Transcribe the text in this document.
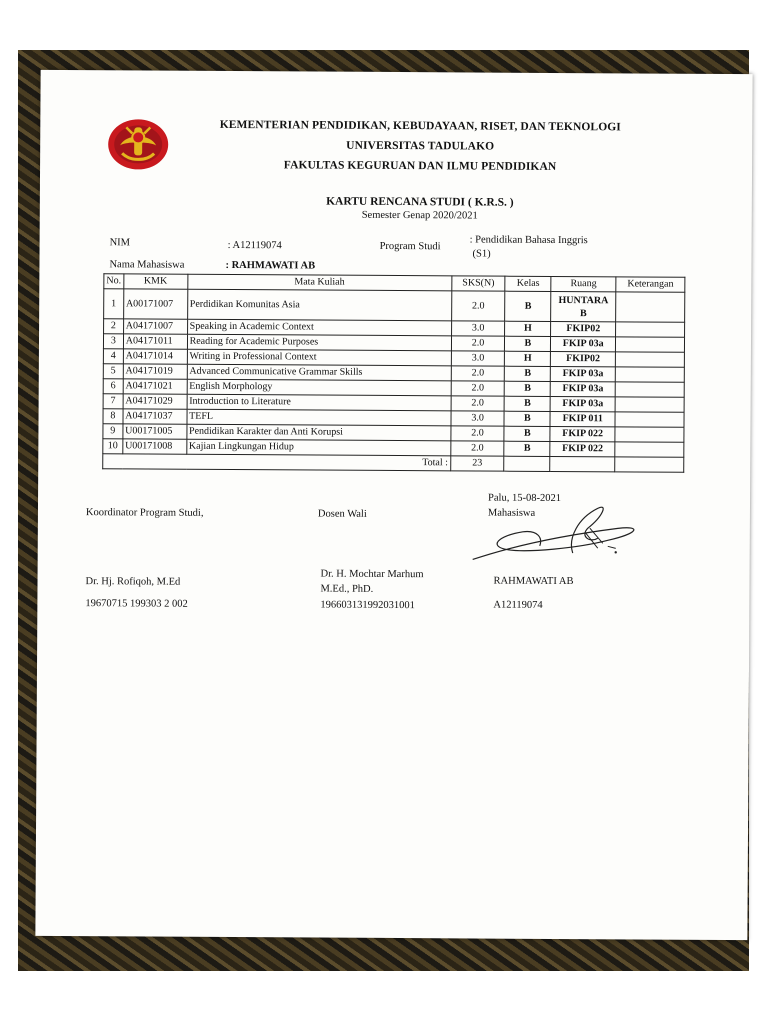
KEMENTERIAN PENDIDIKAN, KEBUDAYAAN, RISET, DAN TEKNOLOGI
UNIVERSITAS TADULAKO
FAKULTAS KEGURUAN DAN ILMU PENDIDIKAN
KARTU RENCANA STUDI ( K.R.S. )
Semester Genap 2020/2021
NIM	: A12119074	Program Studi
: Pendidikan Bahasa Inggris
(S1)
Nama Mahasiswa	: RAHMAWATI AB
No.	KMK	Mata Kuliah	SKS(N)	Kelas	Ruang	Keterangan
1	A00171007	Perdidikan Komunitas Asia	2.0	B	HUNTARA
B	

2	A04171007	Speaking in Academic Context	3.0	H	FKIP02	
3	A04171011	Reading for Academic Purposes	2.0	B	FKIP 03a	
4	A04171014	Writing in Professional Context	3.0	H	FKIP02	
5	A04171019	Advanced Communicative Grammar Skills	2.0	B	FKIP 03a	
6	A04171021	English Morphology	2.0	B	FKIP 03a	
7	A04171029	Introduction to Literature	2.0	B	FKIP 03a	
8	A04171037	TEFL	3.0	B	FKIP 011	
9	U00171005	Pendidikan Karakter dan Anti Korupsi	2.0	B	FKIP 022	
10	U00171008	Kajian Lingkungan Hidup	2.0	B	FKIP 022	
Total :			23			
Palu, 15-08-2021
Koordinator Program Studi,	Dosen Wali	Mahasiswa
Dr. Hj. Rofiqoh, M.Ed
19670715 199303 2 002
Dr. H. Mochtar Marhum
M.Ed., PhD.
196603131992031001
RAHMAWATI AB
A12119074
